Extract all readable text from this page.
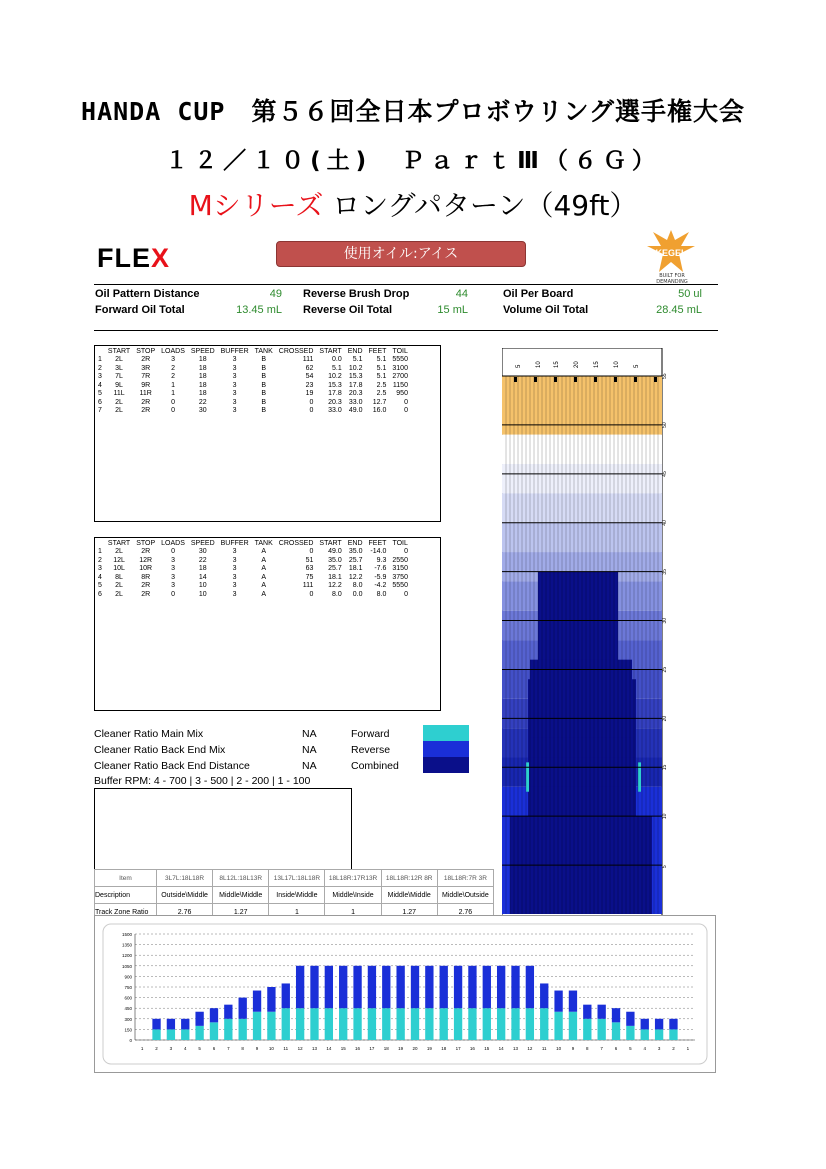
HANDA CUP　第５６回全日本プロボウリング選手権大会
１２／１０(土)　ＰａｒｔⅢ（６Ｇ）
Mシリーズ ロングパターン（49ft）
FLEX	使用オイル:アイス	KEGEL
BUILT FOR DEMANDING
Oil Pattern Distance	49 Reverse Brush Drop	44	Oil Per Board	50 ul
Forward Oil Total	13.45 mL Reverse Oil Total	15 mL	Volume Oil Total	28.45 mL
	START	STOP	LOADS	SPEED	BUFFER	TANK	CROSSED	START	END	FEET	TOIL
1	2L	2R	3	18	3	B	111	0.0	5.1	5.1	5550
2	3L	3R	2	18	3	B	62	5.1	10.2	5.1	3100
3	7L	7R	2	18	3	B	54	10.2	15.3	5.1	2700
4	9L	9R	1	18	3	B	23	15.3	17.8	2.5	1150
5	11L	11R	1	18	3	B	19	17.8	20.3	2.5	950
6	2L	2R	0	22	3	B	0	20.3	33.0	12.7	0
7	2L	2R	0	30	3	B	0	33.0	49.0	16.0	0
	START	STOP	LOADS	SPEED	BUFFER	TANK	CROSSED	START	END	FEET	TOIL
1	2L	2R	0	30	3	A	0	49.0	35.0	-14.0	0
2	12L	12R	3	22	3	A	51	35.0	25.7	9.3	2550
3	10L	10R	3	18	3	A	63	25.7	18.1	-7.6	3150
4	8L	8R	3	14	3	A	75	18.1	12.2	-5.9	3750
5	2L	2R	3	10	3	A	111	12.2	8.0	-4.2	5550
6	2L	2R	0	10	3	A	0	8.0	0.0	8.0	0
Cleaner Ratio Main Mix	NA
Cleaner Ratio Back End Mix	NA
Cleaner Ratio Back End Distance	NA
Buffer RPM: 4 - 700 | 3 - 500 | 2 - 200 | 1 - 100
Forward
Reverse
Combined
Item	3L7L:18L18R	8L12L:18L13R	13L17L:18L18R	18L18R:17R13R	18L18R:12R 8R	18L18R:7R 3R
Description	Outside\Middle	Middle\Middle	Inside\Middle	Middle\Inside	Middle\Middle	Middle\Outside
Track Zone Ratio	2.76	1.27	1	1	1.27	2.76
5 10 15 20 15 10 5
55
50
45
40
35
30
25
20
15
10
5
0
150
300
450
600
750
900
1050
1200
1350
1500
1	2	3	4	5	6	7	8	9 10 11 12 13 14 15 16 17 18 19 20 19 18 17 16 15 14 13 12 11 10 9	8	7	6	5	4	3	2	1
